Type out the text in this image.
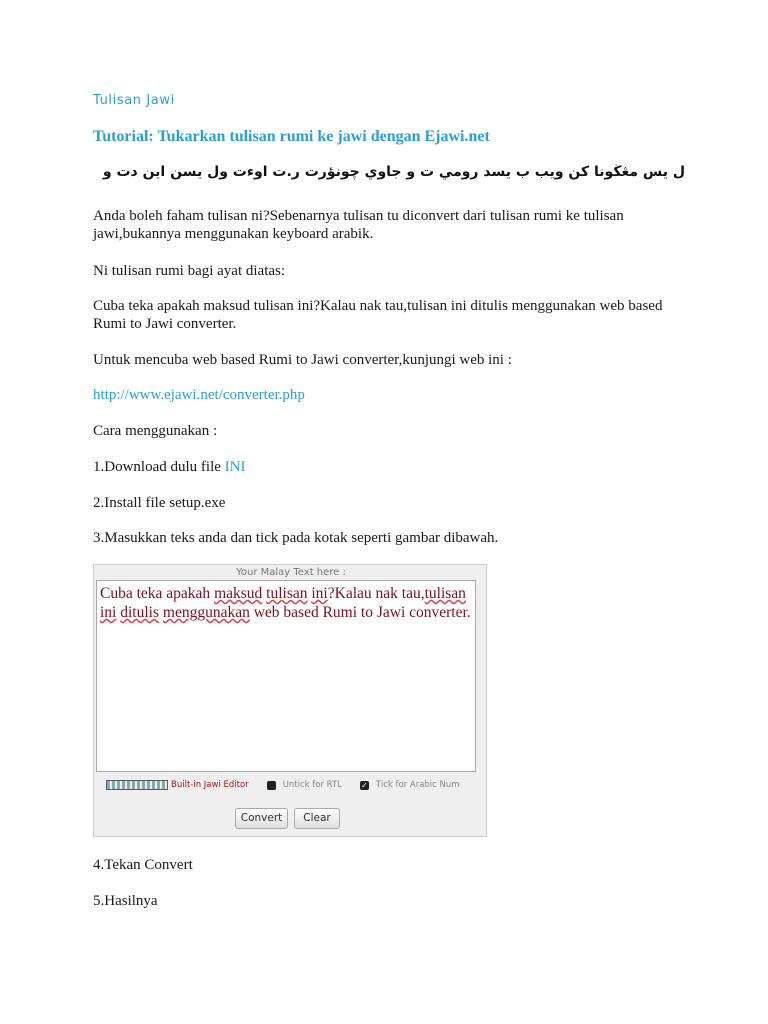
Tulisan Jawi
Tutorial: Tukarkan tulisan rumi ke jawi dengan Ejawi.net
ل يس مڠڬونا كن ويب ب يسد رومي ت و جاوي چونؤرت ر.ت اوءت ول يسن اين دت و
Anda boleh faham tulisan ni?Sebenarnya tulisan tu diconvert dari tulisan rumi ke tulisan jawi,bukannya menggunakan keyboard arabik.
Ni tulisan rumi bagi ayat diatas:
Cuba teka apakah maksud tulisan ini?Kalau nak tau,tulisan ini ditulis menggunakan web based Rumi to Jawi converter.
Untuk mencuba web based Rumi to Jawi converter,kunjungi web ini :
http://www.ejawi.net/converter.php
Cara menggunakan :
1.Download dulu file INI
2.Install file setup.exe
3.Masukkan teks anda dan tick pada kotak seperti gambar dibawah.
Your Malay Text here :
Cuba teka apakah maksud tulisan ini?Kalau nak tau,tulisan ini ditulis menggunakan web based Rumi to Jawi converter.
Built-in Jawi Editor	Untick for RTL ✓ Tick for Arabic Num
Convert	Clear
4.Tekan Convert
5.Hasilnya
